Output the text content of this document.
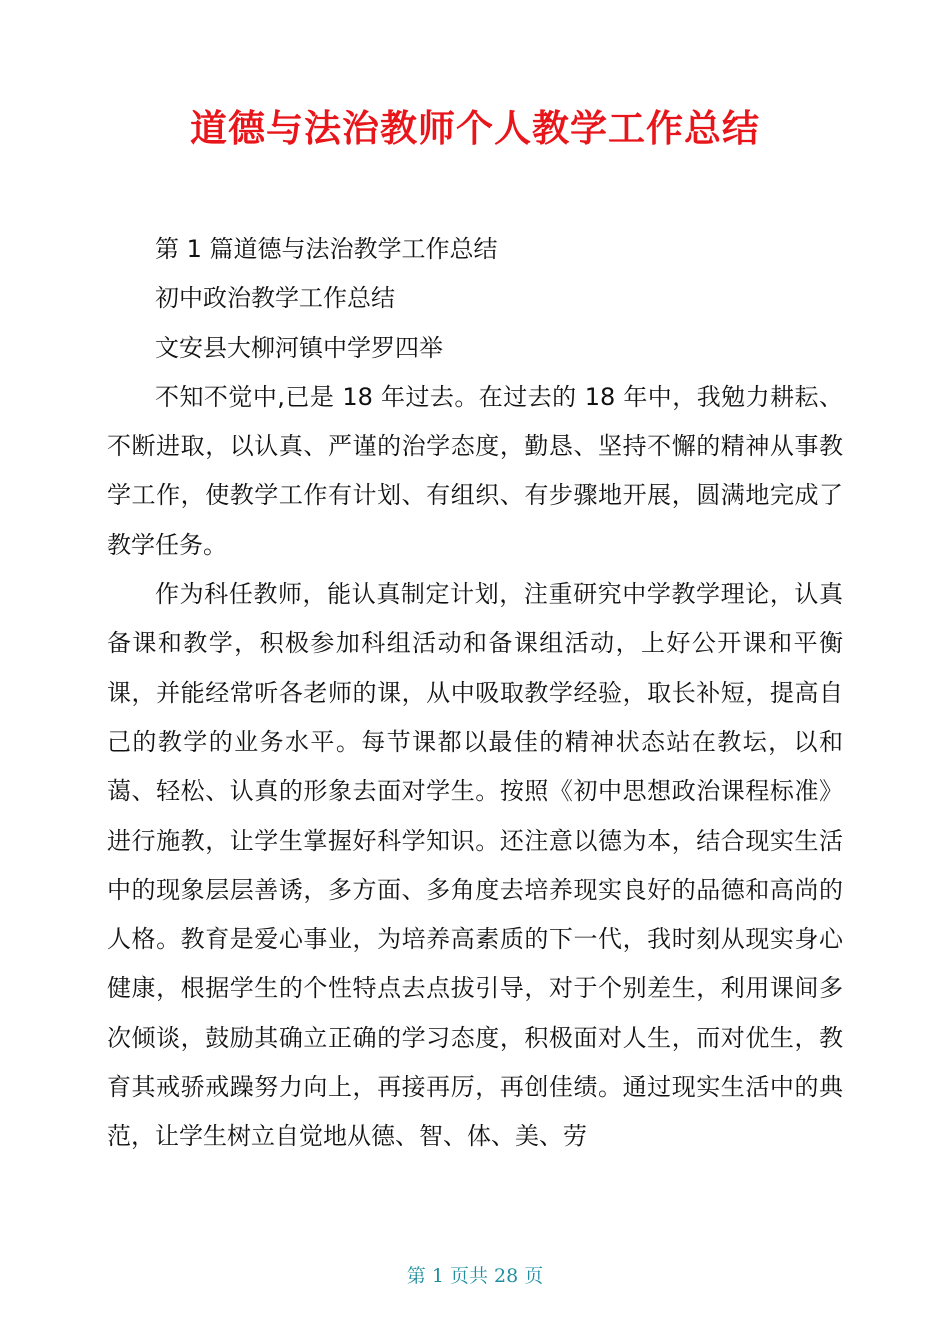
道德与法治教师个人教学工作总结

第 1 篇道德与法治教学工作总结

初中政治教学工作总结

文安县大柳河镇中学罗四举

不知不觉中,已是 18 年过去。在过去的 18 年中，我勉力耕耘、不断进取，以认真、严谨的治学态度，勤恳、坚持不懈的精神从事教学工作，使教学工作有计划、有组织、有步骤地开展，圆满地完成了教学任务。

作为科任教师，能认真制定计划，注重研究中学教学理论，认真备课和教学，积极参加科组活动和备课组活动，上好公开课和平衡课，并能经常听各老师的课，从中吸取教学经验，取长补短，提高自己的教学的业务水平。每节课都以最佳的精神状态站在教坛，以和蔼、轻松、认真的形象去面对学生。按照《初中思想政治课程标准》进行施教，让学生掌握好科学知识。还注意以德为本，结合现实生活中的现象层层善诱，多方面、多角度去培养现实良好的品德和高尚的人格。教育是爱心事业，为培养高素质的下一代，我时刻从现实身心健康，根据学生的个性特点去点拔引导，对于个别差生，利用课间多次倾谈，鼓励其确立正确的学习态度，积极面对人生，而对优生，教育其戒骄戒躁努力向上，再接再厉，再创佳绩。通过现实生活中的典范，让学生树立自觉地从德、智、体、美、劳

第 1 页共 28 页
